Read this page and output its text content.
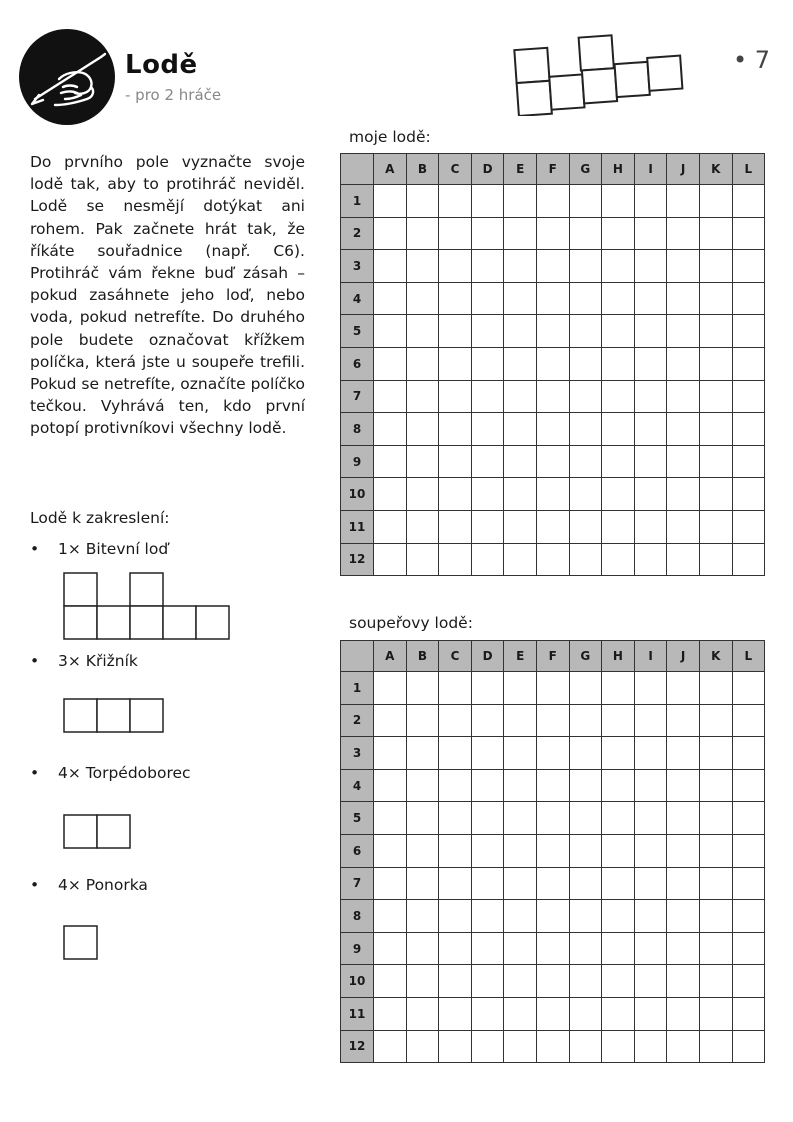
Lodě
- pro 2 hráče
• 7
Do prvního pole vyznačte svoje lodě tak, aby to protihráč neviděl. Lodě se nesmějí dotýkat ani rohem. Pak začnete hrát tak, že říkáte souřadnice (např. C6). Protihráč vám řekne buď zásah – pokud zasáhnete jeho loď, nebo voda, pokud netrefíte. Do druhého pole budete označovat křížkem políčka, která jste u soupeře trefili. Pokud se netrefíte, označíte políčko tečkou. Vyhrává ten, kdo první potopí protivníkovi všechny lodě.
Lodě k zakreslení:
• 1× Bitevní loď
• 3× Křižník
• 4× Torpédoborec
• 4× Ponorka
moje lodě:
	A	B	C	D	E	F	G	H	I	J	K	L
1												
2												
3												
4												
5												
6												
7												
8												
9												
10												
11												
12												
soupeřovy lodě:
	A	B	C	D	E	F	G	H	I	J	K	L
1												
2												
3												
4												
5												
6												
7												
8												
9												
10												
11												
12												
